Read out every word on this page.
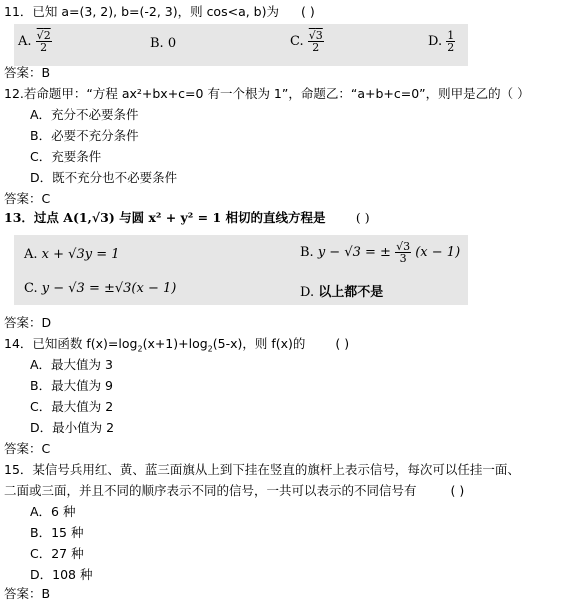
11．已知 a=(3, 2), b=(-2, 3)，则 cos<a, b)为 ( )
A. √ $\frac{2}{2}$	B. 0	C. √ $\frac{3}{2}$	D. $\frac{1}{2}$
答案：B
12.若命题甲：“方程 ax²+bx+c=0 有一个根为 1”，命题乙：“a+b+c=0”，则甲是乙的（ ）
A．充分不必要条件
B．必要不充分条件
C．充要条件
D．既不充分也不必要条件
答案：C
13．过点 A(1,√3) 与圆 x² + y² = 1 相切的直线方程是 ( )
A. x + √3y = 1	B. y − √3 = ± $\frac{√3}{3} (x - 1)$
C. y − √3 = ±√3(x − 1)	D. 以上都不是
答案：D
14．已知函数 $f(x)=\log_2(x+1)+\log_2(5-x)$，则 f(x)的 ( )
A．最大值为 3
B．最大值为 9
C．最大值为 2
D．最小值为 2
答案：C
15．某信号兵用红、黄、蓝三面旗从上到下挂在竖直的旗杆上表示信号，每次可以任挂一面、
二面或三面，并且不同的顺序表示不同的信号，一共可以表示的不同信号有	( )
A．6 种
B．15 种
C．27 种
D．108 种
答案：B
